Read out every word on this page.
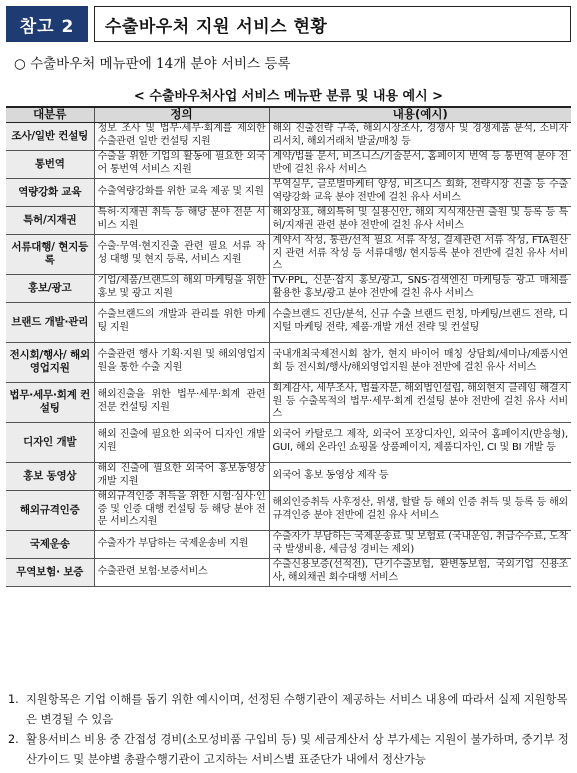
참고 2	수출바우처 지원 서비스 현황
○ 수출바우처 메뉴판에 14개 분야 서비스 등록
< 수출바우처사업 서비스 메뉴판 분류 및 내용 예시 >
대분류	정의	내용(예시)
조사/일반 컨설팅	정보 조사 및 법무·세무·회계를 제외한 수출관련 일반 컨설팅 지원	해외 진출전략 구축, 해외시장조사, 경쟁사 및 경쟁제품 분석, 소비자 리서치, 해외거래처 발굴/매칭 등
통번역	수출을 위한 기업의 활동에 필요한 외국어 통번역 서비스 지원	계약/법률 문서, 비즈니스/기술문서, 홈페이지 번역 등 통번역 분야 전반에 걸친 유사 서비스
역량강화 교육	수출역량강화를 위한 교육 제공 및 지원	무역실무, 글로벌마케터 양성, 비즈니스 회화, 전략시장 진출 등 수출 역량강화 교육 분야 전반에 걸친 유사 서비스
특허/지재권	특허·지재권 취득 등 해당 분야 전문 서비스 지원	해외상표, 해외특허 및 실용신안, 해외 지식재산권 출원 및 등록 등 특허/지재권 관련 분야 전반에 걸친 유사 서비스
서류대행/ 현지등록	수출·무역·현지진출 관련 필요 서류 작성 대행 및 현지 등록, 서비스 지원	계약서 작성, 통관/선적 필요 서류 작성, 결제관련 서류 작성, FTA원산지 관련 서류 작성 등 서류대행/ 현지등록 분야 전반에 걸친 유사 서비스
홍보/광고	기업/제품/브랜드의 해외 마케팅을 위한 홍보 및 광고 지원	TV·PPL, 신문·잡지 홍보/광고, SNS·검색엔진 마케팅등 광고 매체를 활용한 홍보/광고 분야 전반에 걸친 유사 서비스
브랜드 개발·관리	수출브랜드의 개발과 관리를 위한 마케팅 지원	수출브랜드 진단/분석, 신규 수출 브랜드 런칭, 마케팅/브랜드 전략, 디지털 마케팅 전략, 제품·개발 개선 전략 및 컨설팅
전시회/행사/ 해외영업지원	수출관련 행사 기획·지원 및 해외영업지원을 통한 수출 지원	국내개최국제전시회 참가, 현지 바이어 매칭 상담회/세미나/제품시연회 등 전시회/행사/해외영업지원 분야 전반에 걸친 유사 서비스
법무·세무·회계 컨설팅	해외진출을 위한 법무·세무·회계 관련 전문 컨설팅 지원	회계감사, 세무조사, 법률자문, 해외법인설립, 해외현지 클레임 해결지원 등 수출목적의 법무·세무·회계 컨설팅 분야 전반에 걸친 유사 서비스
디자인 개발	해외 진출에 필요한 외국어 디자인 개발 지원	외국어 카탈로그 제작, 외국어 포장디자인, 외국어 홈페이지(반응형), GUI, 해외 온라인 쇼핑몰 상품페이지, 제품디자인, CI 및 BI 개발 등
홍보 동영상	해외 진출에 필요한 외국어 홍보동영상 개발 지원	외국어 홍보 동영상 제작 등
해외규격인증	해외규격인증 취득을 위한 시험·심사·인증 및 인증 대행 컨설팅 등 해당 분야 전문 서비스지원	해외인증취득 사후정산, 위생, 할랄 등 해외 인증 취득 및 등록 등 해외규격인증 분야 전반에 걸친 유사 서비스
국제운송	수출자가 부담하는 국제운송비 지원	수출자가 부담하는 국제운송료 및 보험료 (국내운임, 취급수수료, 도착국 발생비용, 세금성 경비는 제외)
무역보험· 보증	수출관련 보험·보증서비스	수출신용보증(선적전), 단기수출보험, 환변동보험, 국외기업 신용조사, 해외채권 회수대행 서비스
1. 지원항목은 기업 이해를 돕기 위한 예시이며, 선정된 수행기관이 제공하는 서비스 내용에 따라서 실제 지원항목은 변경될 수 있음
2. 활용서비스 비용 중 간접성 경비(소모성비품 구입비 등) 및 세금계산서 상 부가세는 지원이 불가하며, 중기부 정산가이드 및 분야별 총괄수행기관이 고지하는 서비스별 표준단가 내에서 정산가능
